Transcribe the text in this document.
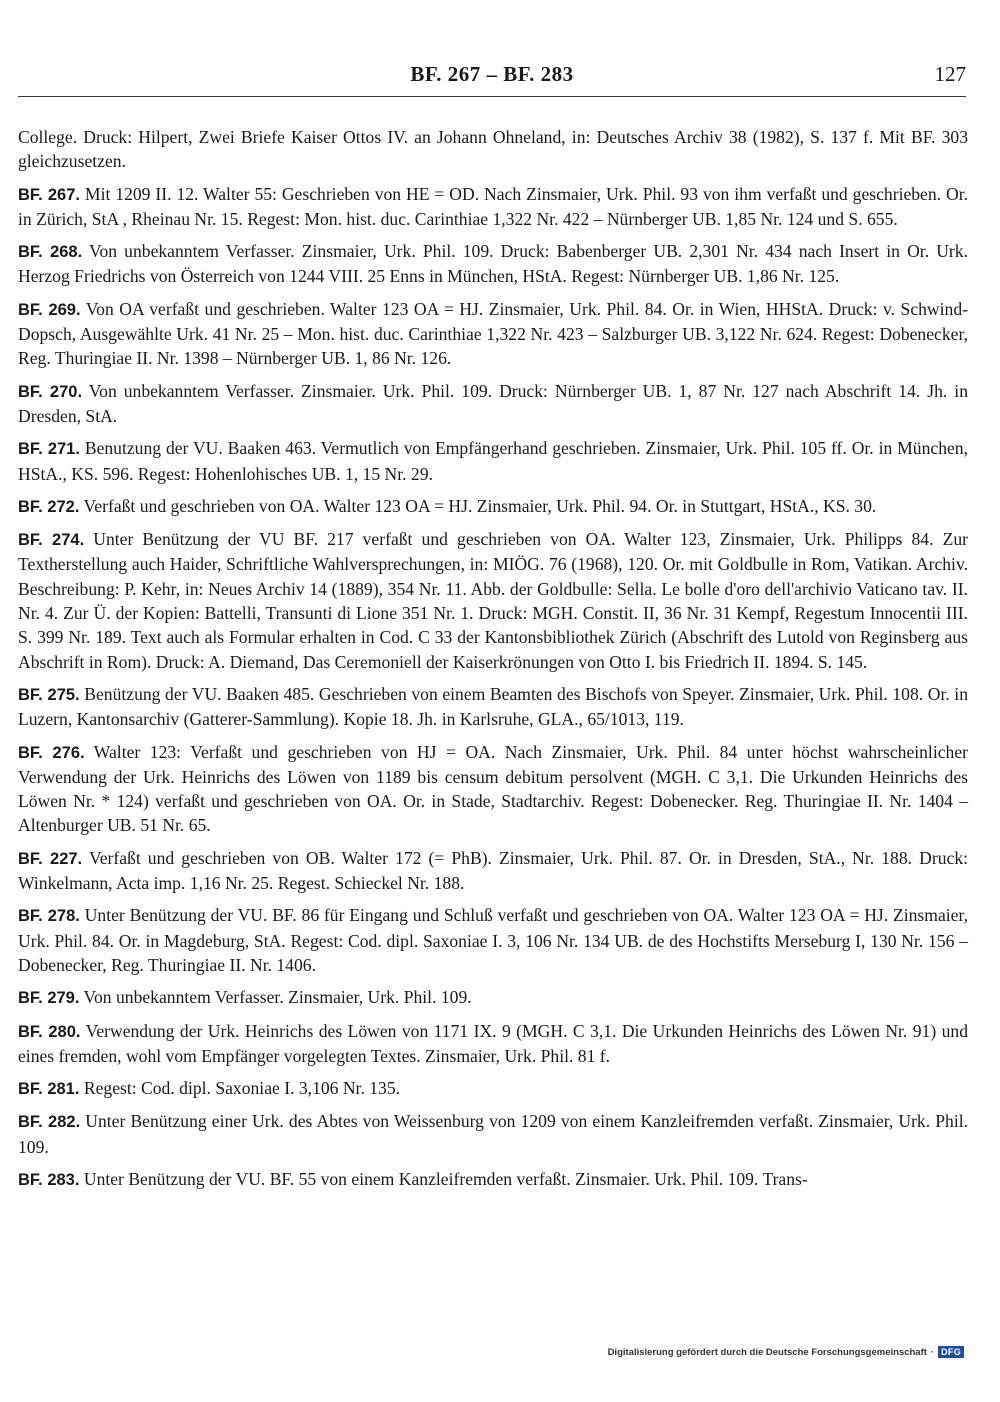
BF. 267 – BF. 283	127

College. Druck: Hilpert, Zwei Briefe Kaiser Ottos IV. an Johann Ohneland, in: Deutsches Archiv 38 (1982), S. 137 f. Mit BF. 303 gleichzusetzen.

BF. 267. Mit 1209 II. 12. Walter 55: Geschrieben von HE = OD. Nach Zinsmaier, Urk. Phil. 93 von ihm verfaßt und geschrieben. Or. in Zürich, StA , Rheinau Nr. 15. Regest: Mon. hist. duc. Carinthiae 1,322 Nr. 422 – Nürnberger UB. 1,85 Nr. 124 und S. 655.

BF. 268. Von unbekanntem Verfasser. Zinsmaier, Urk. Phil. 109. Druck: Babenberger UB. 2,301 Nr. 434 nach Insert in Or. Urk. Herzog Friedrichs von Österreich von 1244 VIII. 25 Enns in München, HStA. Regest: Nürnberger UB. 1,86 Nr. 125.

BF. 269. Von OA verfaßt und geschrieben. Walter 123 OA = HJ. Zinsmaier, Urk. Phil. 84. Or. in Wien, HHStA. Druck: v. Schwind-Dopsch, Ausgewählte Urk. 41 Nr. 25 – Mon. hist. duc. Carinthiae 1,322 Nr. 423 – Salzburger UB. 3,122 Nr. 624. Regest: Dobenecker, Reg. Thuringiae II. Nr. 1398 – Nürnberger UB. 1, 86 Nr. 126.

BF. 270. Von unbekanntem Verfasser. Zinsmaier. Urk. Phil. 109. Druck: Nürnberger UB. 1, 87 Nr. 127 nach Abschrift 14. Jh. in Dresden, StA.

BF. 271. Benutzung der VU. Baaken 463. Vermutlich von Empfängerhand geschrieben. Zinsmaier, Urk. Phil. 105 ff. Or. in München, HStA., KS. 596. Regest: Hohenlohisches UB. 1, 15 Nr. 29.

BF. 272. Verfaßt und geschrieben von OA. Walter 123 OA = HJ. Zinsmaier, Urk. Phil. 94. Or. in Stuttgart, HStA., KS. 30.

BF. 274. Unter Benützung der VU BF. 217 verfaßt und geschrieben von OA. Walter 123, Zinsmaier, Urk. Philipps 84. Zur Textherstellung auch Haider, Schriftliche Wahlversprechungen, in: MIÖG. 76 (1968), 120. Or. mit Goldbulle in Rom, Vatikan. Archiv. Beschreibung: P. Kehr, in: Neues Archiv 14 (1889), 354 Nr. 11. Abb. der Goldbulle: Sella. Le bolle d'oro dell'archivio Vaticano tav. II. Nr. 4. Zur Ü. der Kopien: Battelli, Transunti di Lione 351 Nr. 1. Druck: MGH. Constit. II, 36 Nr. 31 Kempf, Regestum Innocentii III. S. 399 Nr. 189. Text auch als Formular erhalten in Cod. C 33 der Kantonsbibliothek Zürich (Abschrift des Lutold von Reginsberg aus Abschrift in Rom). Druck: A. Diemand, Das Ceremoniell der Kaiserkrönungen von Otto I. bis Friedrich II. 1894. S. 145.

BF. 275. Benützung der VU. Baaken 485. Geschrieben von einem Beamten des Bischofs von Speyer. Zinsmaier, Urk. Phil. 108. Or. in Luzern, Kantonsarchiv (Gatterer-Sammlung). Kopie 18. Jh. in Karlsruhe, GLA., 65/1013, 119.

BF. 276. Walter 123: Verfaßt und geschrieben von HJ = OA. Nach Zinsmaier, Urk. Phil. 84 unter höchst wahrscheinlicher Verwendung der Urk. Heinrichs des Löwen von 1189 bis censum debitum persolvent (MGH. C 3,1. Die Urkunden Heinrichs des Löwen Nr. * 124) verfaßt und geschrieben von OA. Or. in Stade, Stadtarchiv. Regest: Dobenecker. Reg. Thuringiae II. Nr. 1404 – Altenburger UB. 51 Nr. 65.

BF. 227. Verfaßt und geschrieben von OB. Walter 172 (= PhB). Zinsmaier, Urk. Phil. 87. Or. in Dresden, StA., Nr. 188. Druck: Winkelmann, Acta imp. 1,16 Nr. 25. Regest. Schieckel Nr. 188.

BF. 278. Unter Benützung der VU. BF. 86 für Eingang und Schluß verfaßt und geschrieben von OA. Walter 123 OA = HJ. Zinsmaier, Urk. Phil. 84. Or. in Magdeburg, StA. Regest: Cod. dipl. Saxoniae I. 3, 106 Nr. 134 UB. de des Hochstifts Merseburg I, 130 Nr. 156 – Dobenecker, Reg. Thuringiae II. Nr. 1406.

BF. 279. Von unbekanntem Verfasser. Zinsmaier, Urk. Phil. 109.

BF. 280. Verwendung der Urk. Heinrichs des Löwen von 1171 IX. 9 (MGH. C 3,1. Die Urkunden Heinrichs des Löwen Nr. 91) und eines fremden, wohl vom Empfänger vorgelegten Textes. Zinsmaier, Urk. Phil. 81 f.

BF. 281. Regest: Cod. dipl. Saxoniae I. 3,106 Nr. 135.

BF. 282. Unter Benützung einer Urk. des Abtes von Weissenburg von 1209 von einem Kanzleifremden verfaßt. Zinsmaier, Urk. Phil. 109.

BF. 283. Unter Benützung der VU. BF. 55 von einem Kanzleifremden verfaßt. Zinsmaier. Urk. Phil. 109. Trans-

Digitalisierung gefördert durch die Deutsche Forschungsgemeinschaft · DFG
